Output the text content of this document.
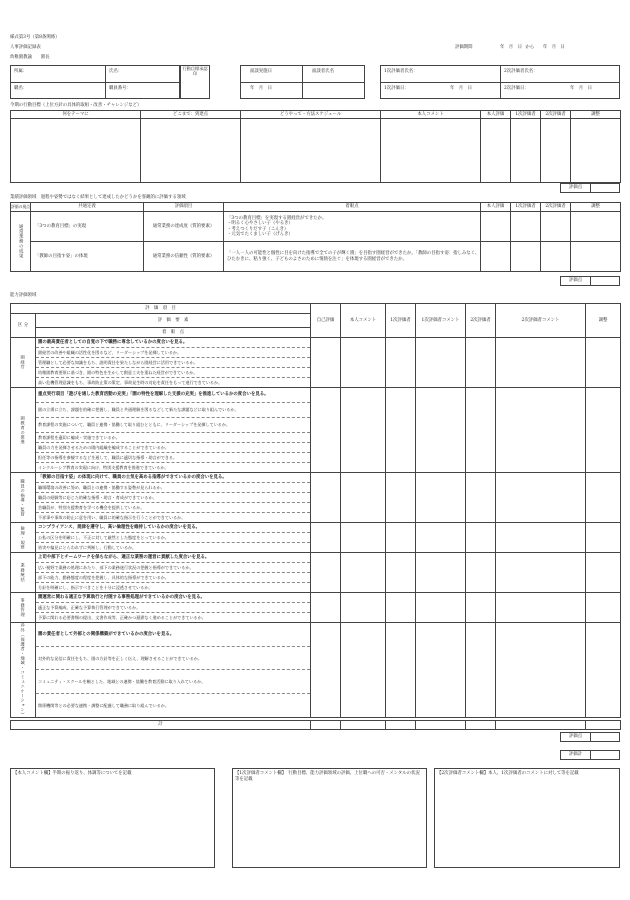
様式第3号（第8条関係）
人事評価記録表
幼稚園教諭　　園長
評価期間	年　月　日 から　　年　月　日
所属：	氏名：
職名：	職員番号：
行動目標承認印	面談実施日	面談者氏名
年　月　日
1次評価者氏名：	2次評価者氏名：
1次評価日：	年　月　日	2次評価日：	年　月　日
今期の行動目標（上位方針の具体的取組・改善・チャレンジなど）
何をテーマに	どこまで：到達点	どうやって・方法スケジュール	本人コメント	本人評価	1次評価者	2次評価者	調整

評価点	
業績評価領域　過程や姿勢ではなく結果として達成したかどうかを客観的に評価する領域
評価の視点	共通定義	評価項目	着眼点	本人評価	1次評価者	2次評価者	調整

通常業務の成果	「3つの教育目標」の実現	通常業務の達成度（質的要素）	「3つの教育目標」を実現する園経営ができたか。
・明るく心やさしい子（やるき）
・考えつくりだす子（こんき）
・元気でたくましい子（げんき）				
	「教師の目指す姿」の体現	通常業務の信頼性（質的要素）	「一人一人の可能性と個性に目を向けた指導で全ての子が輝く園」を目指す園経営ができたか。「教師の目指す姿：指しみなく、ひたむきに、粘り強く、子どものよさのために情熱を注ぐ」を体現する園経営ができたか。				
評価点	
能力評価領域
評　価　項　目		自己評価	本人コメント	1次評価者	1次評価者コメント	2次評価者	2次評価者コメント	調整
区 分	評　価　要　素							
	着　眼　点							
園経営	園の最高責任者としての自覚の下で職務に専念しているかの度合いを見る。							
	園経営の改善や組織の活性化を図るなど、リーダーシップを発揮しているか。							
	管理職として必要な知識をもち、説明責任を果たしながら園経営に活用できているか。							
	幼稚園教育要領に基づき、園の特色を生かして創意工夫を重ねた経営ができているか。							
	高い危機管理意識をもち、事故防止策の策定、事故発生時の対応を責任をもって遂行できているか。							

園教育の推進	重点実行項目「遊びを通した教育活動の充実」「園の特性を理解した支援の充実」を推進しているかの度合いを見る。							
	園の立場に立ち、課題を的確に把握し、職員と共通理解を図るなどして新たな課題などに取り組んでいるか。							
	教育課程の実施について、職員と連携・協働して取り組むとともに、リーダーシップを発揮しているか。							
	教育課程を適切に編成・実施できているか。							
	職員の力を発揮させるための園内組織を編成することができているか。							
	担任等の指導を参観するなどを通して、職員に適切な指導・助言ができる。							
	インクルーシブ教育の実現に向け、特別支援教育を推進できているか。							

職員の指導・監督	「教師の目指す姿」の体現に向けて、職員の士気を高める指導ができているかの度合いを見る。							
	職場環境の改善に努め、職員との連携・協働する姿勢が見られるか。							
	職員の経験等に応じた的確な指導・助言・育成ができているか。							
	会職員が、特別支援教育を学べる機会を提供しているか。							
	不祥事や事故の防止に意を用い、職員に的確な指示を行うことができているか。							

倫理・規律	コンプライアンス、規律を遵守し、高い倫理性を維持しているかの度合いを見る。							
	公私の区分を明確にし、不正に対して厳然とした態度をとっているか。							
	皆実や偏見にとらわれずに判断し、行動しているか。							

業務統括	上司や部下とチームワークを保ちながら、適正な業務の運営に貢献した度合いを見る。							
	広い視野で業務の処理にあたり、部下の業務遂行状況の把握と指導ができているか。							
	部下の能力、勤務態度の程度を把握し、具体的な指導ができているか。							
	方針を明確にし、指示すべきことを十分に浸透させているか。							

事務管理	園運営に関わる適正な予算執行と付随する事務処理ができているかの度合いを見る。							
	適正な予算編成、正確な予算執行管理ができているか。							
	予算に関わる必要書類の提出、文書作成等、正確かつ遅滞なく進めることができているか。							

渉外（保護者・地域・コミュニケーション）	園の責任者として外部との関係構築ができているかの度合いを見る。							
	対外的な発信に責任をもち、園の方針等を正しく伝え、理解させることができているか。							
	コミュニティ・スクールを軸とした、地域との連携・協働を教育活動に取り入れているか。							
	関係機関等との必要な連携・調整に配慮して職務に取り組んでいるか。							
計							
評価点	
評価計	
【本人コメント欄】半期の振り返り、体調等についてを記載	【1次評価者コメント欄】　行動目標、能力評価領域の評価、上位職への可否・メンタルの状況等を記載
【2次評価者コメント欄】本人、1次評価者のコメントに対して等を記載
